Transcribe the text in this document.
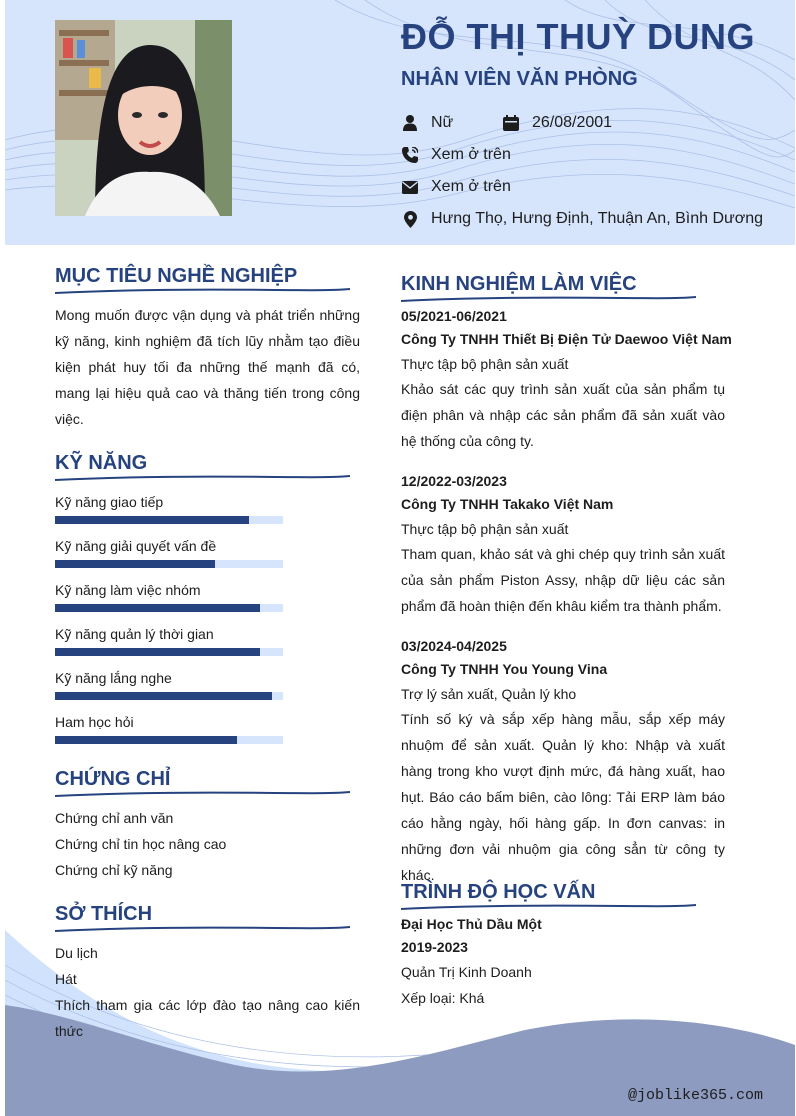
ĐỖ THỊ THUỲ DUNG
NHÂN VIÊN VĂN PHÒNG
Nữ	26/08/2001
Xem ở trên
Xem ở trên
Hưng Thọ, Hưng Định, Thuận An, Bình Dương
MỤC TIÊU NGHỀ NGHIỆP

Mong muốn được vận dụng và phát triển những kỹ năng, kinh nghiệm đã tích lũy nhằm tạo điều kiện phát huy tối đa những thế mạnh đã có, mang lại hiệu quả cao và thăng tiến trong công việc.

KỸ NĂNG
Kỹ năng giao tiếp
Kỹ năng giải quyết vấn đề
Kỹ năng làm việc nhóm
Kỹ năng quản lý thời gian
Kỹ năng lắng nghe
Ham học hỏi
CHỨNG CHỈ

Chứng chỉ anh văn

Chứng chỉ tin học nâng cao

Chứng chỉ kỹ năng

SỞ THÍCH

Du lịch

Hát

Thích tham gia các lớp đào tạo nâng cao kiến thức

KINH NGHIỆM LÀM VIỆC

05/2021-06/2021

Công Ty TNHH Thiết Bị Điện Tử Daewoo Việt Nam

Thực tập bộ phận sản xuất

Khảo sát các quy trình sản xuất của sản phẩm tụ điện phân và nhập các sản phẩm đã sản xuất vào hệ thống của công ty.

12/2022-03/2023

Công Ty TNHH Takako Việt Nam

Thực tập bộ phận sản xuất

Tham quan, khảo sát và ghi chép quy trình sản xuất của sản phẩm Piston Assy, nhập dữ liệu các sản phẩm đã hoàn thiện đến khâu kiểm tra thành phẩm.

03/2024-04/2025

Công Ty TNHH You Young Vina

Trợ lý sản xuất, Quản lý kho

Tính số ký và sắp xếp hàng mẫu, sắp xếp máy nhuộm để sản xuất. Quản lý kho: Nhập và xuất hàng trong kho vượt định mức, đá hàng xuất, hao hụt. Báo cáo bấm biên, cào lông: Tải ERP làm báo cáo hằng ngày, hối hàng gấp. In đơn canvas: in những đơn vải nhuộm gia công sẳn từ công ty khác.

TRÌNH ĐỘ HỌC VẤN

Đại Học Thủ Dầu Một

2019-2023

Quản Trị Kinh Doanh

Xếp loại: Khá

@joblike365.com
